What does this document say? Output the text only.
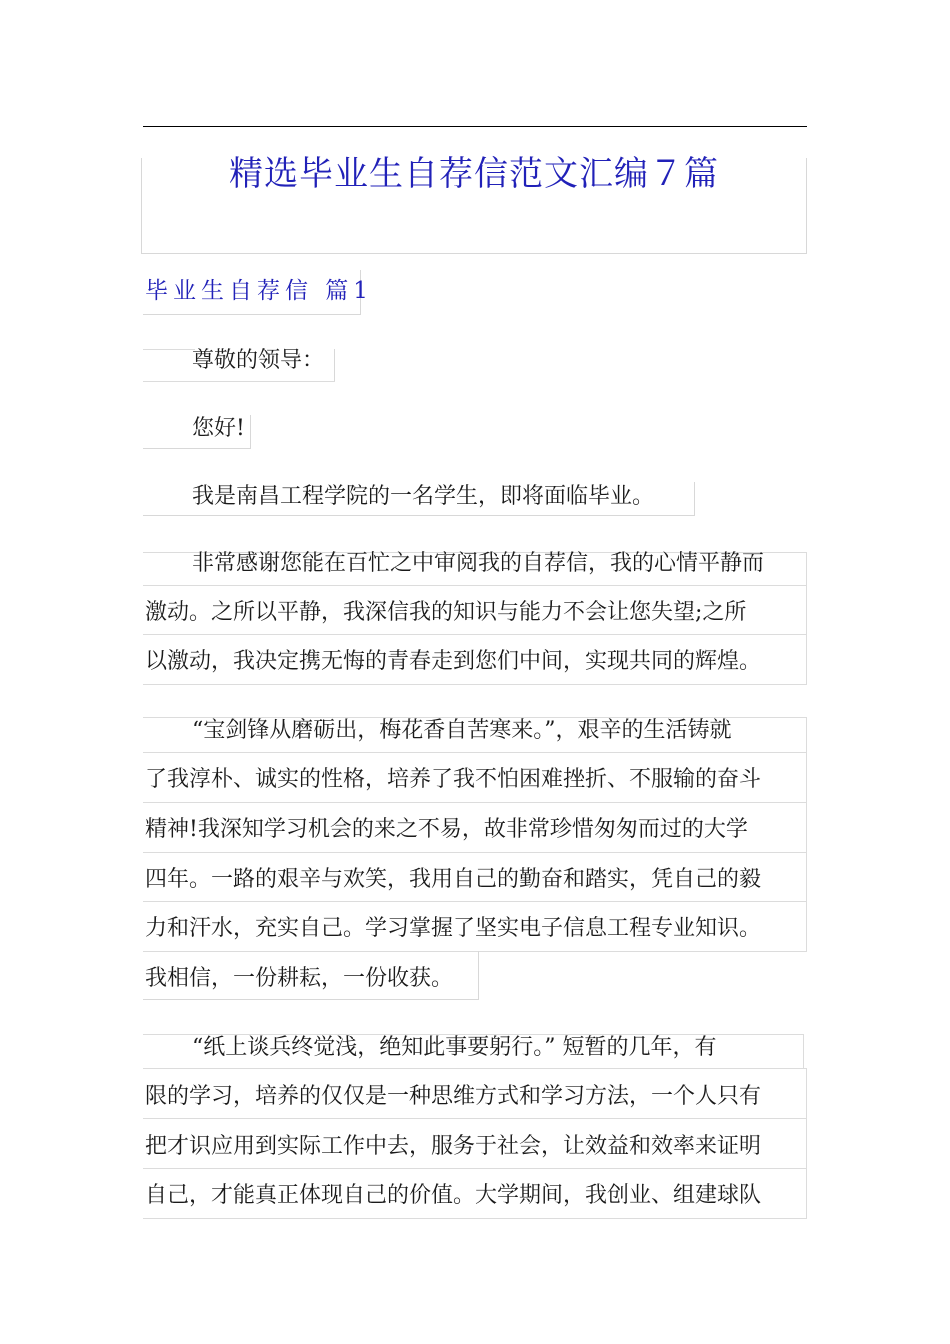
精选毕业生自荐信范文汇编７篇
毕业生自荐信 篇1

尊敬的领导：

您好!

我是南昌工程学院的一名学生，即将面临毕业。

非常感谢您能在百忙之中审阅我的自荐信，我的心情平静而

激动。之所以平静，我深信我的知识与能力不会让您失望;之所

以激动，我决定携无悔的青春走到您们中间，实现共同的辉煌。

“宝剑锋从磨砺出，梅花香自苦寒来。”，艰辛的生活铸就

了我淳朴、诚实的性格，培养了我不怕困难挫折、不服输的奋斗

精神!我深知学习机会的来之不易，故非常珍惜匆匆而过的大学

四年。一路的艰辛与欢笑，我用自己的勤奋和踏实，凭自己的毅

力和汗水，充实自己。学习掌握了坚实电子信息工程专业知识。

我相信，一份耕耘，一份收获。

“纸上谈兵终觉浅，绝知此事要躬行。” 短暂的几年，有

限的学习，培养的仅仅是一种思维方式和学习方法，一个人只有

把才识应用到实际工作中去，服务于社会，让效益和效率来证明

自己，才能真正体现自己的价值。大学期间，我创业、组建球队
